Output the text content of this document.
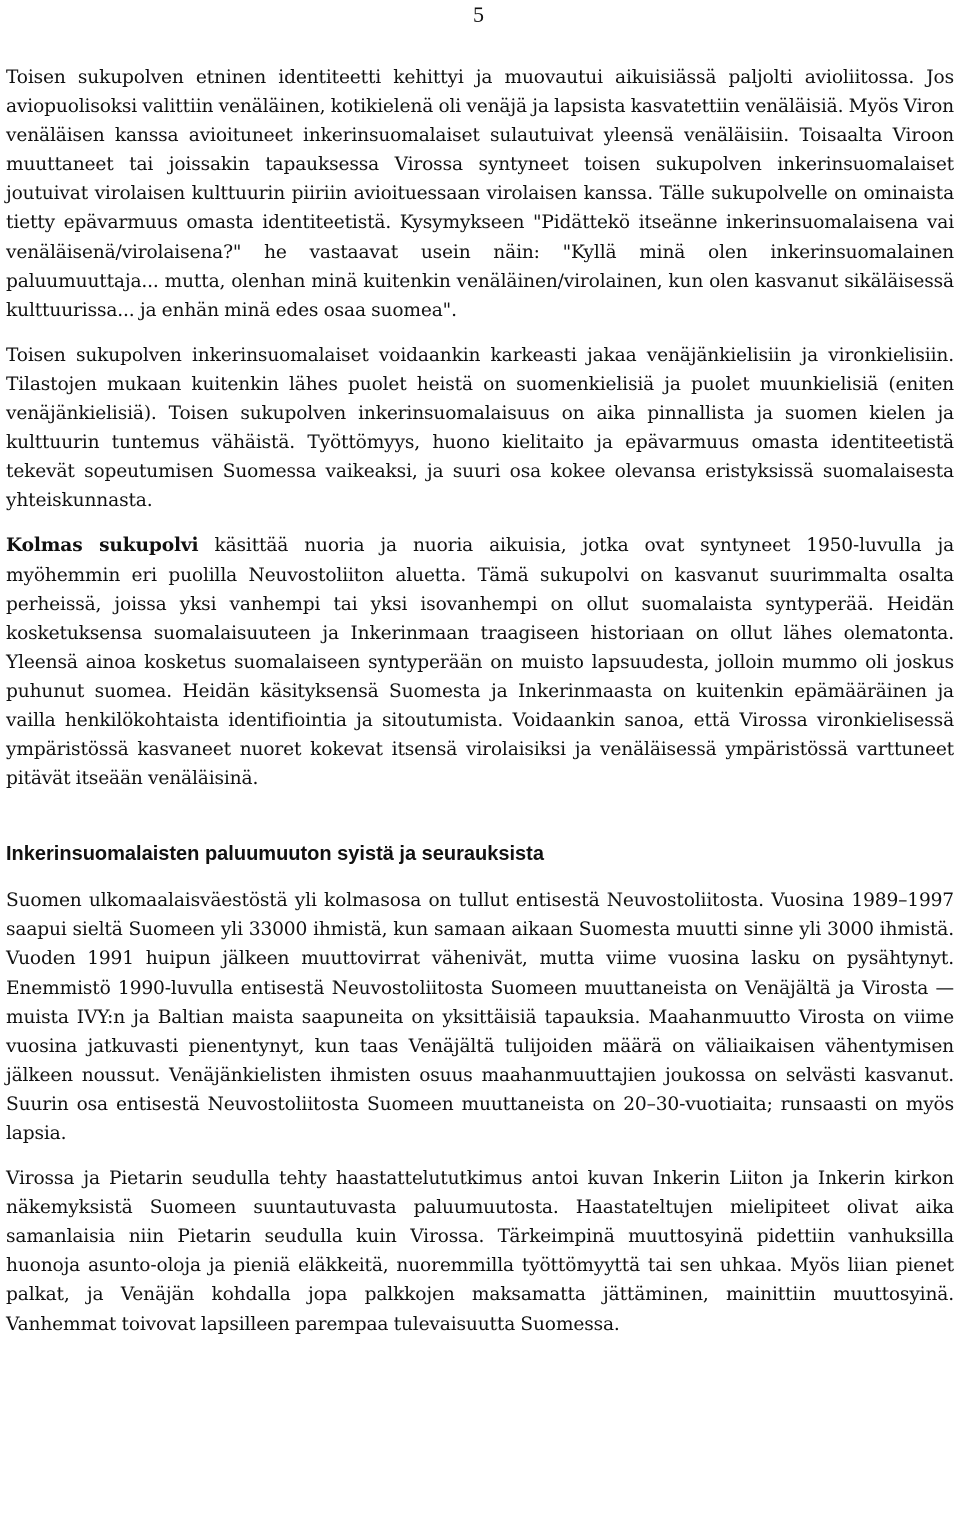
5

Toisen sukupolven etninen identiteetti kehittyi ja muovautui aikuisiässä paljolti avioliitossa. Jos aviopuolisoksi valittiin venäläinen, kotikielenä oli venäjä ja lapsista kasvatettiin venäläisiä. Myös Viron venäläisen kanssa avioituneet inkerinsuomalaiset sulautuivat yleensä venäläisiin. Toisaalta Viroon muuttaneet tai joissakin tapauksessa Virossa syntyneet toisen sukupolven inkerinsuomalaiset joutuivat virolaisen kulttuurin piiriin avioituessaan virolaisen kanssa. Tälle sukupolvelle on ominaista tietty epävarmuus omasta identiteetistä. Kysymykseen "Pidättekö itseänne inkerinsuomalaisena vai venäläisenä/virolaisena?" he vastaavat usein näin: "Kyllä minä olen inkerinsuomalainen paluumuuttaja... mutta, olenhan minä kuitenkin venäläinen/virolainen, kun olen kasvanut sikäläisessä kulttuurissa... ja enhän minä edes osaa suomea".

Toisen sukupolven inkerinsuomalaiset voidaankin karkeasti jakaa venäjänkielisiin ja vironkielisiin. Tilastojen mukaan kuitenkin lähes puolet heistä on suomenkielisiä ja puolet muunkielisiä (eniten venäjänkielisiä). Toisen sukupolven inkerinsuomalaisuus on aika pinnallista ja suomen kielen ja kulttuurin tuntemus vähäistä. Työttömyys, huono kielitaito ja epävarmuus omasta identiteetistä tekevät sopeutumisen Suomessa vaikeaksi, ja suuri osa kokee olevansa eristyksissä suomalaisesta yhteiskunnasta.

Kolmas sukupolvi käsittää nuoria ja nuoria aikuisia, jotka ovat syntyneet 1950-luvulla ja myöhemmin eri puolilla Neuvostoliiton aluetta. Tämä sukupolvi on kasvanut suurimmalta osalta perheissä, joissa yksi vanhempi tai yksi isovanhempi on ollut suomalaista syntyperää. Heidän kosketuksensa suomalaisuuteen ja Inkerinmaan traagiseen historiaan on ollut lähes olematonta. Yleensä ainoa kosketus suomalaiseen syntyperään on muisto lapsuudesta, jolloin mummo oli joskus puhunut suomea. Heidän käsityksensä Suomesta ja Inkerinmaasta on kuitenkin epämääräinen ja vailla henkilökohtaista identifiointia ja sitoutumista. Voidaankin sanoa, että Virossa vironkielisessä ympäristössä kasvaneet nuoret kokevat itsensä virolaisiksi ja venäläisessä ympäristössä varttuneet pitävät itseään venäläisinä.

Inkerinsuomalaisten paluumuuton syistä ja seurauksista

Suomen ulkomaalaisväestöstä yli kolmasosa on tullut entisestä Neuvostoliitosta. Vuosina 1989–1997 saapui sieltä Suomeen yli 33000 ihmistä, kun samaan aikaan Suomesta muutti sinne yli 3000 ihmistä. Vuoden 1991 huipun jälkeen muuttovirrat vähenivät, mutta viime vuosina lasku on pysähtynyt. Enemmistö 1990-luvulla entisestä Neuvostoliitosta Suomeen muuttaneista on Venäjältä ja Virosta — muista IVY:n ja Baltian maista saapuneita on yksittäisiä tapauksia. Maahanmuutto Virosta on viime vuosina jatkuvasti pienentynyt, kun taas Venäjältä tulijoiden määrä on väliaikaisen vähentymisen jälkeen noussut. Venäjänkielisten ihmisten osuus maahanmuuttajien joukossa on selvästi kasvanut. Suurin osa entisestä Neuvostoliitosta Suomeen muuttaneista on 20–30-vuotiaita; runsaasti on myös lapsia.

Virossa ja Pietarin seudulla tehty haastattelututkimus antoi kuvan Inkerin Liiton ja Inkerin kirkon näkemyksistä Suomeen suuntautuvasta paluumuutosta. Haastateltujen mielipiteet olivat aika samanlaisia niin Pietarin seudulla kuin Virossa. Tärkeimpinä muuttosyinä pidettiin vanhuksilla huonoja asunto-oloja ja pieniä eläkkeitä, nuoremmilla työttömyyttä tai sen uhkaa. Myös liian pienet palkat, ja Venäjän kohdalla jopa palkkojen maksamatta jättäminen, mainittiin muuttosyinä. Vanhemmat toivovat lapsilleen parempaa tulevaisuutta Suomessa.
